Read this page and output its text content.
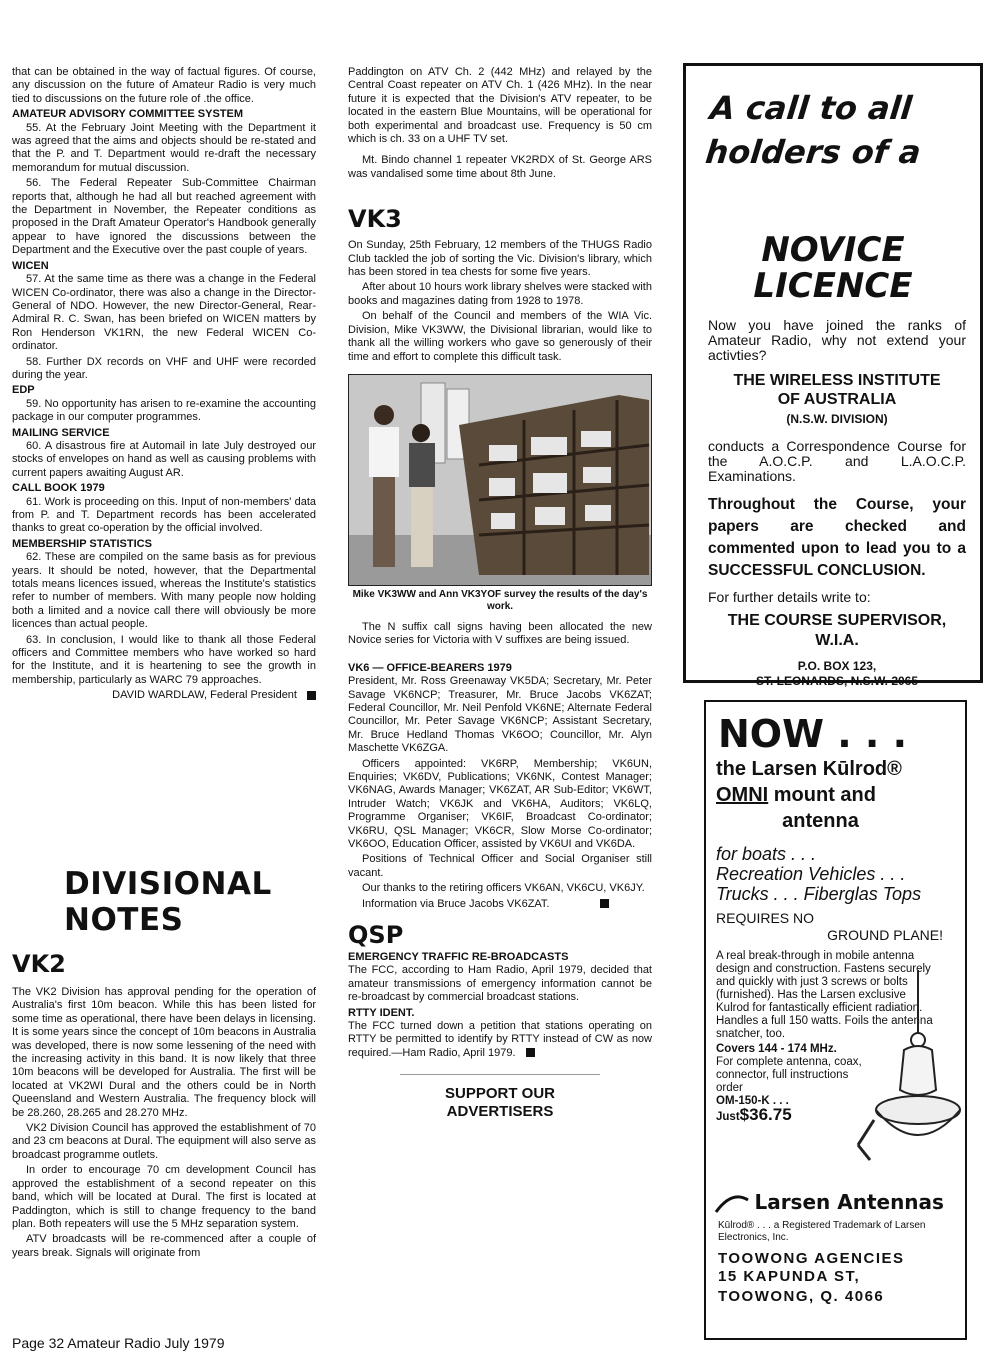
that can be obtained in the way of factual figures. Of course, any discussion on the future of Amateur Radio is very much tied to discussions on the future role of .the office.

AMATEUR ADVISORY COMMITTEE SYSTEM

55. At the February Joint Meeting with the Department it was agreed that the aims and objects should be re-stated and that the P. and T. Department would re-draft the necessary memorandum for mutual discussion.

56. The Federal Repeater Sub-Committee Chairman reports that, although he had all but reached agreement with the Department in November, the Repeater conditions as proposed in the Draft Amateur Operator's Handbook generally appear to have ignored the discussions between the Department and the Executive over the past couple of years.

WICEN

57. At the same time as there was a change in the Federal WICEN Co-ordinator, there was also a change in the Director-General of NDO. However, the new Director-General, Rear-Admiral R. C. Swan, has been briefed on WICEN matters by Ron Henderson VK1RN, the new Federal WICEN Co-ordinator.

58. Further DX records on VHF and UHF were recorded during the year.

EDP

59. No opportunity has arisen to re-examine the accounting package in our computer programmes.

MAILING SERVICE

60. A disastrous fire at Automail in late July destroyed our stocks of envelopes on hand as well as causing problems with current papers awaiting August AR.

CALL BOOK 1979

61. Work is proceeding on this. Input of non-members' data from P. and T. Department records has been accelerated thanks to great co-operation by the official involved.

MEMBERSHIP STATISTICS

62. These are compiled on the same basis as for previous years. It should be noted, however, that the Departmental totals means licences issued, whereas the Institute's statistics refer to number of members. With many people now holding both a limited and a novice call there will obviously be more licences than actual people.

63. In conclusion, I would like to thank all those Federal officers and Committee members who have worked so hard for the Institute, and it is heartening to see the growth in membership, particularly as WARC 79 approaches.

DAVID WARDLAW, Federal President
DIVISIONAL
NOTES
VK2

The VK2 Division has approval pending for the operation of Australia's first 10m beacon. While this has been listed for some time as operational, there have been delays in licensing. It is some years since the concept of 10m beacons in Australia was developed, there is now some lessening of the need with the increasing activity in this band. It is now likely that three 10m beacons will be developed for Australia. The first will be located at VK2WI Dural and the others could be in North Queensland and Western Australia. The frequency block will be 28.260, 28.265 and 28.270 MHz.

VK2 Division Council has approved the establishment of 70 and 23 cm beacons at Dural. The equipment will also serve as broadcast programme outlets.

In order to encourage 70 cm development Council has approved the establishment of a second repeater on this band, which will be located at Dural. The first is located at Paddington, which is still to change frequency to the band plan. Both repeaters will use the 5 MHz separation system.

ATV broadcasts will be re-commenced after a couple of years break. Signals will originate from

Paddington on ATV Ch. 2 (442 MHz) and relayed by the Central Coast repeater on ATV Ch. 1 (426 MHz). In the near future it is expected that the Division's ATV repeater, to be located in the eastern Blue Mountains, will be operational for both experimental and broadcast use. Frequency is 50 cm which is ch. 33 on a UHF TV set.

Mt. Bindo channel 1 repeater VK2RDX of St. George ARS was vandalised some time about 8th June.

VK3

On Sunday, 25th February, 12 members of the THUGS Radio Club tackled the job of sorting the Vic. Division's library, which has been stored in tea chests for some five years.

After about 10 hours work library shelves were stacked with books and magazines dating from 1928 to 1978.

On behalf of the Council and members of the WIA Vic. Division, Mike VK3WW, the Divisional librarian, would like to thank all the willing workers who gave so generously of their time and effort to complete this difficult task.

Mike VK3WW and Ann VK3YOF survey the results of the day's work.

The N suffix call signs having been allocated the new Novice series for Victoria with V suffixes are being issued.

VK6 — OFFICE-BEARERS 1979

President, Mr. Ross Greenaway VK5DA; Secretary, Mr. Peter Savage VK6NCP; Treasurer, Mr. Bruce Jacobs VK6ZAT; Federal Councillor, Mr. Neil Penfold VK6NE; Alternate Federal Councillor, Mr. Peter Savage VK6NCP; Assistant Secretary, Mr. Bruce Hedland Thomas VK6OO; Councillor, Mr. Alyn Maschette VK6ZGA.

Officers appointed: VK6RP, Membership; VK6UN, Enquiries; VK6DV, Publications; VK6NK, Contest Manager; VK6NAG, Awards Manager; VK6ZAT, AR Sub-Editor; VK6WT, Intruder Watch; VK6JK and VK6HA, Auditors; VK6LQ, Programme Organiser; VK6IF, Broadcast Co-ordinator; VK6RU, QSL Manager; VK6CR, Slow Morse Co-ordinator; VK6OO, Education Officer, assisted by VK6UI and VK6DA.

Positions of Technical Officer and Social Organiser still vacant.

Our thanks to the retiring officers VK6AN, VK6CU, VK6JY.

Information via Bruce Jacobs VK6ZAT.

QSP
EMERGENCY TRAFFIC RE-BROADCASTS

The FCC, according to Ham Radio, April 1979, decided that amateur transmissions of emergency information cannot be re-broadcast by commercial broadcast stations.

RTTY IDENT.

The FCC turned down a petition that stations operating on RTTY be permitted to identify by RTTY instead of CW as now required.—Ham Radio, April 1979.

SUPPORT OUR
ADVERTISERS
A call to all
holders of a
NOVICE
LICENCE
Now you have joined the ranks of Amateur Radio, why not extend your activties?
THE WIRELESS INSTITUTE
OF AUSTRALIA
(N.S.W. DIVISION)
conducts a Correspondence Course for the A.O.C.P. and L.A.O.C.P. Examinations.
Throughout the Course, your papers are checked and commented upon to lead you to a SUCCESSFUL CONCLUSION.
For further details write to:
THE COURSE SUPERVISOR,
W.I.A.
P.O. BOX 123,
ST. LEONARDS, N.S.W. 2065
NOW . . .
the Larsen Kūlrod®
OMNI mount and
antenna
for boats . . .
Recreation Vehicles . . .
Trucks . . . Fiberglas Tops
REQUIRES NO
GROUND PLANE!
A real break-through in mobile antenna design and construction. Fastens securely and quickly with just 3 screws or bolts (furnished). Has the Larsen exclusive Kulrod for fantastically efficient radiation. Handles a full 150 watts. Foils the antenna snatcher, too.
Covers 144 - 174 MHz.
For complete antenna, coax, connector, full instructions order
OM-150-K . . .
Just$36.75
Larsen Antennas
Kūlrod® . . . a Registered Trademark of Larsen Electronics, Inc.
TOOWONG AGENCIES
15 KAPUNDA ST,
TOOWONG, Q. 4066
Page 32 Amateur Radio July 1979
